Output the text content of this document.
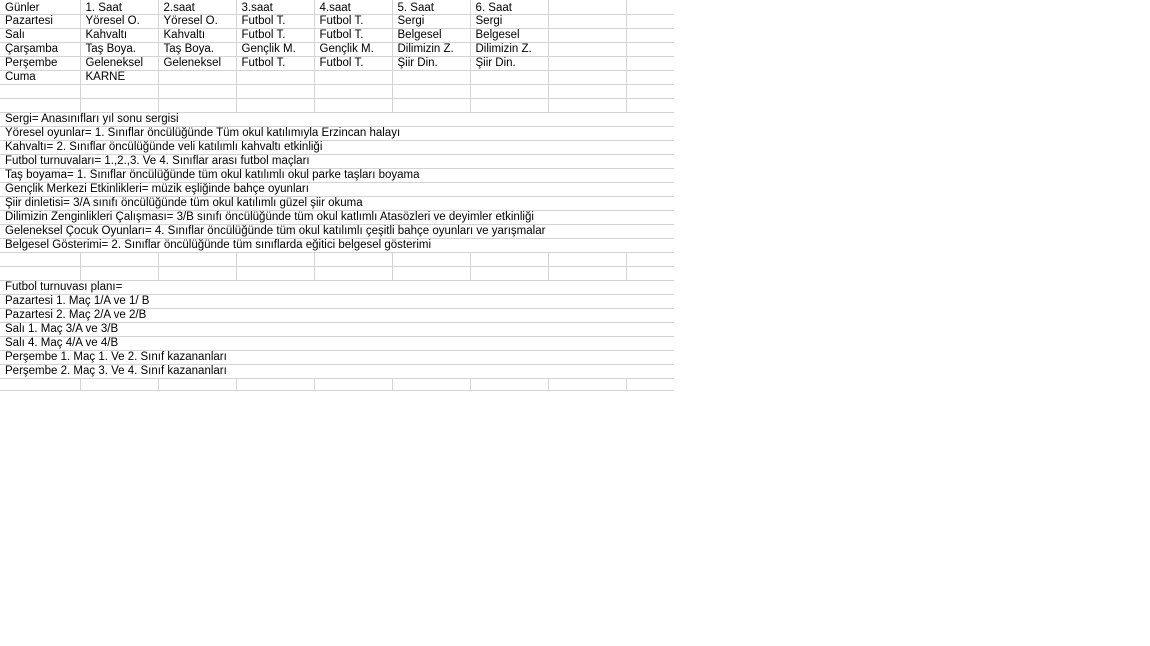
Günler	1. Saat	2.saat	3.saat	4.saat	5. Saat	6. Saat		
Pazartesi	Yöresel O.	Yöresel O.	Futbol T.	Futbol T.	Sergi	Sergi		
Salı	Kahvaltı	Kahvaltı	Futbol T.	Futbol T.	Belgesel	Belgesel		
Çarşamba	Taş Boya.	Taş Boya.	Gençlik M.	Gençlik M.	Dilimizin Z.	Dilimizin Z.		
Perşembe	Geleneksel	Geleneksel	Futbol T.	Futbol T.	Şiir Din.	Şiir Din.		
Cuma	KARNE							

Sergi= Anasınıfları yıl sonu sergisi								
Yöresel oyunlar= 1. Sınıflar öncülüğünde Tüm okul katılımıyla Erzincan halayı								
Kahvaltı= 2. Sınıflar öncülüğünde veli katılımlı kahvaltı etkinliği								
Futbol turnuvaları= 1.,2.,3. Ve 4. Sınıflar arası futbol maçları								
Taş boyama= 1. Sınıflar öncülüğünde tüm okul katılımlı okul parke taşları boyama								
Gençlik Merkezi Etkinlikleri= müzik eşliğinde bahçe oyunları								
Şiir dinletisi= 3/A sınıfı öncülüğünde tüm okul katılımlı güzel şiir okuma								
Dilimizin Zenginlikleri Çalışması= 3/B sınıfı öncülüğünde tüm okul katlımlı Atasözleri ve deyimler etkinliği								
Geleneksel Çocuk Oyunları= 4. Sınıflar öncülüğünde tüm okul katılımlı çeşitli bahçe oyunları ve yarışmalar								
Belgesel Gösterimi= 2. Sınıflar öncülüğünde tüm sınıflarda eğitici belgesel gösterimi								

Futbol turnuvası planı=								
Pazartesi 1. Maç 1/A ve 1/ B								
Pazartesi 2. Maç 2/A ve 2/B								
Salı 1. Maç 3/A ve 3/B								
Salı 4. Maç 4/A ve 4/B								
Perşembe 1. Maç 1. Ve 2. Sınıf kazananları								
Perşembe 2. Maç 3. Ve 4. Sınıf kazananları								
